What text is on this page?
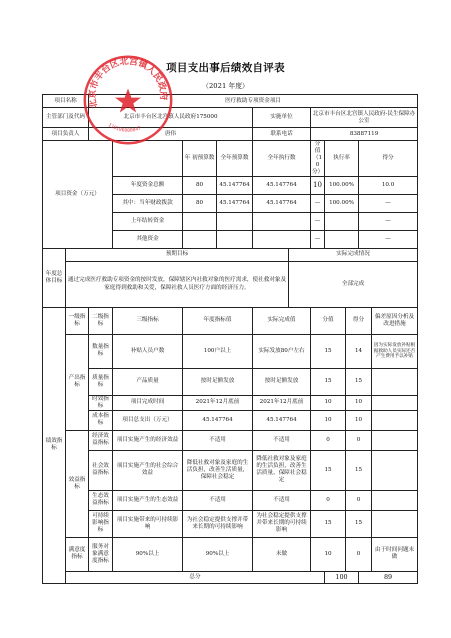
项目支出事后绩效自评表
（2021 年度）
项目名称		医疗救助专项资金项目											
主管部门及代码		北京市丰台区北宫镇人民政府175000				实施单位		北京市丰台区北宫镇人民政府-民生保障办公室					
项目负责人		唐伟				联系电话		83887119					
项目资金（万元）				年 初预算数	全年预算数	全年执行数		分值（10分）	执行率		得分		
			年度资金总额	80	45.147764	45.147764		10	100.00%		10.0		
			其中：当年财政拨款	80	45.147764	45.147764		—	100.00%		—		
			上年结转资金					—			—		
			其他资金					—			—		
年度总体目标	预期目标						实际完成情况						
	通过完成医疗救助专项资金的按时发放，保障辖区内社救对象的医疗需求，使社救对象及家庭得到救助和关爱，保障社救人员医疗方面的经济压力。						全部完成						
绩效指标	一级指标	二级指标	三级指标	年度指标值		实际完成值		分值		得分		偏差原因分析及改进措施	
	产出指标	数量指标	补贴人员户数	100户以上		实际发放80户左右		15		14		因为实际发放补贴根据救助人员实际还否产生费用予以补贴	
		质量指标	产品质量	按时足额发放		按时足额发放		15		15			
		时效指标	项目完成时间	2021年12月底前		2021年12月底前		10		10			
		成本指标	项目总支出（万元）	45.147764		45.147764		10		10			
	效益指标	经济效益指标	项目实施产生的经济效益	不适用		不适用		0		0			
		社会效益指标	项目实施产生的社会综合效益	降低社救对象及家庭的生活负担，改善生活质量，保障社会稳定		降低社救对象及家庭的生活负担，改善生活质量，保障社会稳定		15		15			
		生态效益指标	项目实施产生的生态效益	不适用		不适用		0		0			
		可持续影响指标	项目实施带来的可持续影响	为社会稳定提供支撑并带来长期的可持续影响		为社会稳定提供支撑并带来长期的可持续影响		15		15			
	满意度指标	服务对象满意度指标	90%以上	90%以上		未做		10		0		由于时间问题未做	
	总分								100		89	
北京市丰台区北宫镇人民政府
110106000047
